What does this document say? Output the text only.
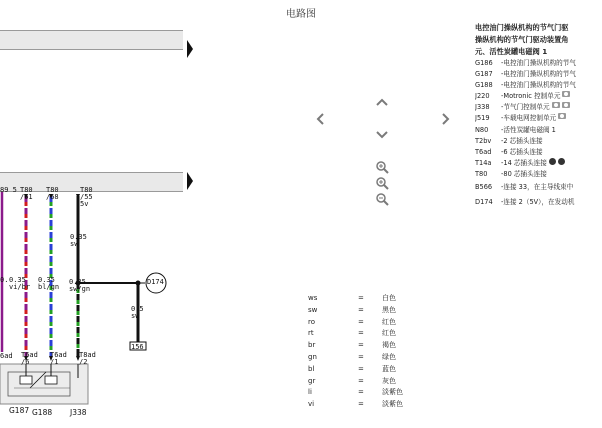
电路图
89 5 T80
/61
T80
/68
T80
/55
5v
0.35
vi/br
0.35
bl/gn
0.35
sw
0.35
sw/gn
0.5
sw
0.	D174
156
6ad T6ad
/6
T6ad
/1
T8ad
/2
G187 G188 J338
电控油门操纵机构的节气门驱
操纵机构的节气门驱动装置角
元、活性炭罐电磁阀 1
G186	- 电控油门操纵机构的节气
G187	- 电控油门操纵机构的节气
G188	- 电控油门操纵机构的节气
J220	- Motronic 控制单元
J338	- 节气门控制单元
J519	- 车载电网控制单元
N80	- 活性炭罐电磁阀 1
T2bv	- 2 芯插头连接
T6ad	- 6 芯插头连接
T14a	- 14 芯插头连接
T80	- 80 芯插头连接
B566	- 连接 33，在主导线束中
D174	- 连接 2（5V），在发动机
ws	=	白色
sw	=	黑色
ro	=	红色
rt	=	红色
br	=	褐色
gn	=	绿色
bl	=	蓝色
gr	=	灰色
li	=	淡紫色
vi	=	淡紫色
